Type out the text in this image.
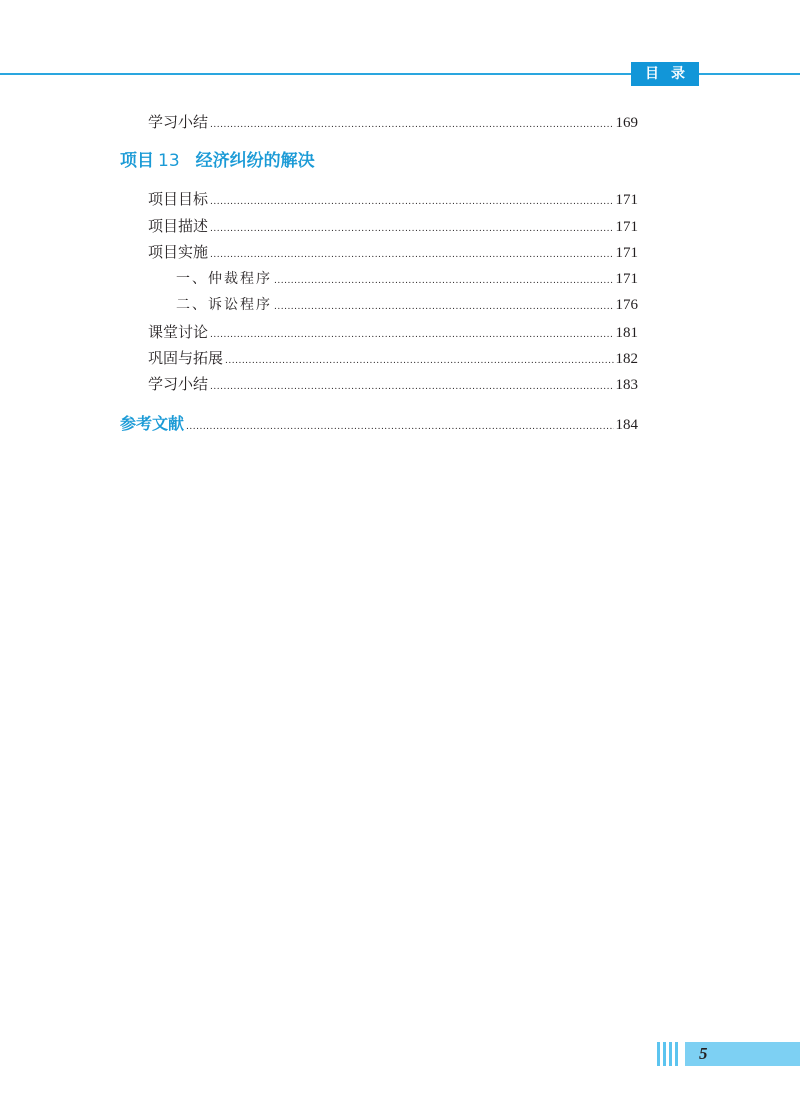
目录
学习小结 .....	169
项目 13 经济纠纷的解决
项目目标 .....	171
项目描述 .....	171
项目实施 .....	171
一、仲裁程序 .....	171
二、诉讼程序 .....	176
课堂讨论 .....	181
巩固与拓展 .....	182
学习小结 .....	183
参考文献 .....	184
5
